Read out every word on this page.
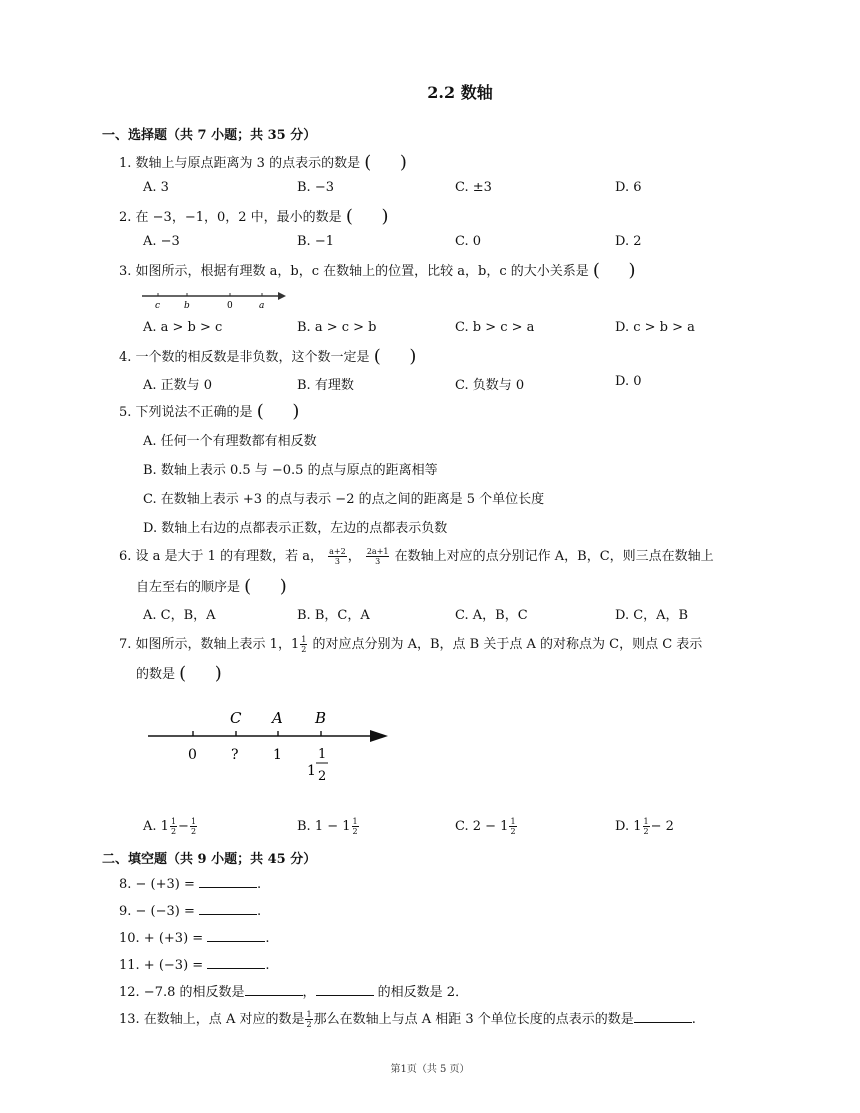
2.2 数轴
一、选择题（共 7 小题；共 35 分）
1. 数轴上与原点距离为 3 的点表示的数是 (     )
A. 3	B. −3	C. ±3	D. 6
2. 在 −3，−1，0，2 中，最小的数是 (     )
A. −3	B. −1	C. 0	D. 2
3. 如图所示，根据有理数 a，b，c 在数轴上的位置，比较 a，b，c 的大小关系是 (     )
c	b	0	a
A. a > b > c	B. a > c > b	C. b > c > a	D. c > b > a
4. 一个数的相反数是非负数，这个数一定是 (     )
A. 正数与 0	B. 有理数	C. 负数与 0	D. 0
5. 下列说法不正确的是 (     )
A. 任何一个有理数都有相反数
B. 数轴上表示 0.5 与 −0.5 的点与原点的距离相等
C. 在数轴上表示 +3 的点与表示 −2 的点之间的距离是 5 个单位长度
D. 数轴上右边的点都表示正数，左边的点都表示负数
6. 设 a 是大于 1 的有理数，若 a， $\frac{a+2}{3}$ ， $\frac{2a+1}{3}$ 在数轴上对应的点分别记作 A，B，C，则三点在数轴上
自左至右的顺序是 (     )
A. C，B，A	B. B，C，A	C. A，B，C	D. C，A，B
7. 如图所示，数轴上表示 1，$1 \frac{1}{2}$ 的对应点分别为 A，B，点 B 关于点 A 的对称点为 C，则点 C 表示
的数是 (     )
C A B
0 ? 1
1
1
2
A. $1 \frac{1}{2} - \frac{1}{2}$	B. $1 - 1 \frac{1}{2}$	C. $2 - 1 \frac{1}{2}$	D. $1 \frac{1}{2} - 2$
二、填空题（共 9 小题；共 45 分）
8. − (+3) =	.
9. − (−3) =	.
10. + (+3) =	.
11. + (−3) =	.
12. −7.8 的相反数是	，	的相反数是 2．
13. 在数轴上，点 A 对应的数是 $\frac{1}{2}$ 那么在数轴上与点 A 相距 3 个单位长度的点表示的数是	.
第1页（共 5 页）
